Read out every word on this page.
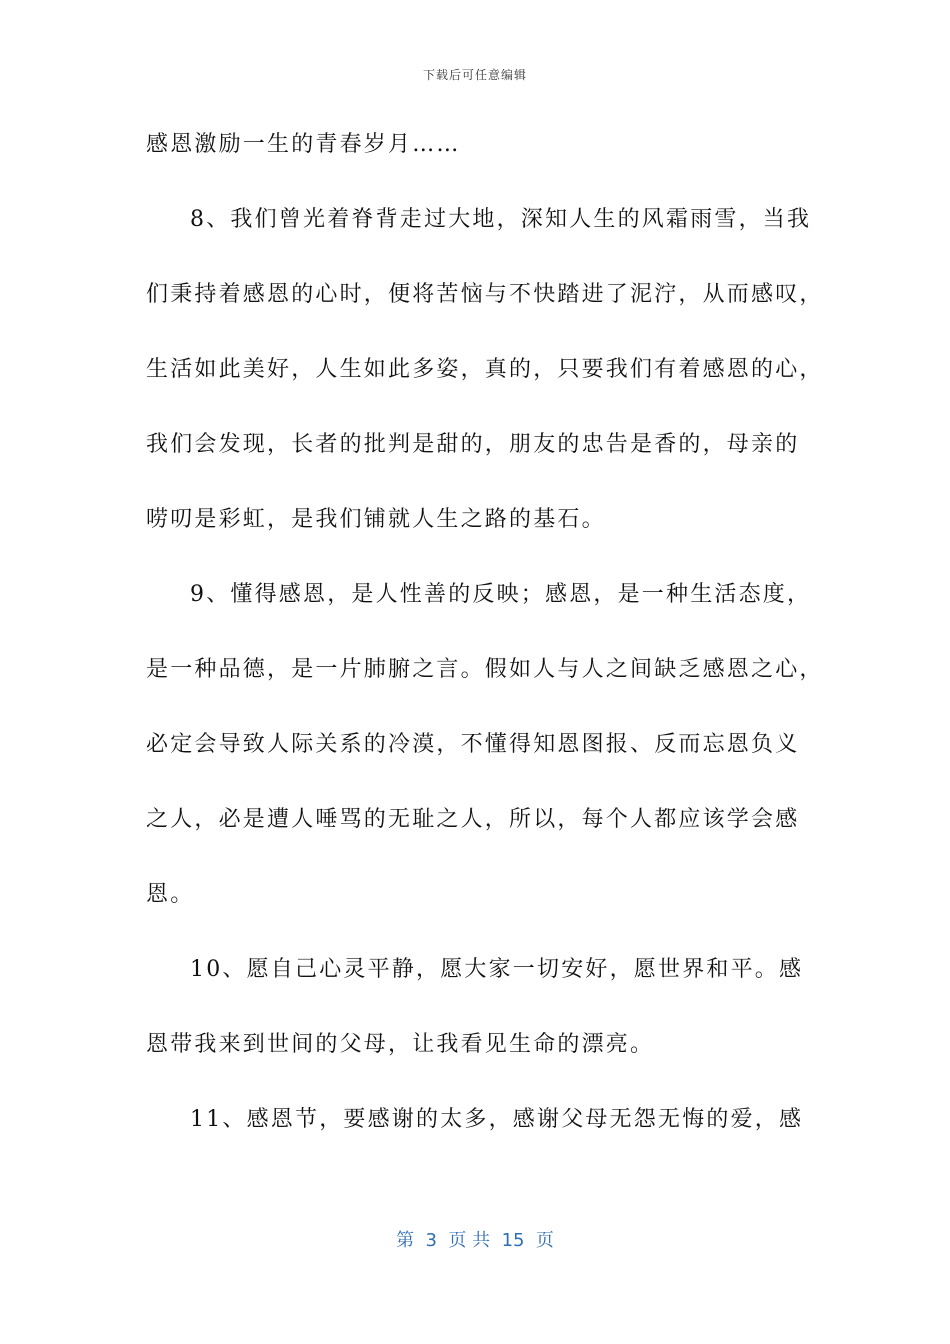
下载后可任意编辑
感恩激励一生的青春岁月……
8、我们曾光着脊背走过大地，深知人生的风霜雨雪，当我
们秉持着感恩的心时，便将苦恼与不快踏进了泥泞，从而感叹，
生活如此美好，人生如此多姿，真的，只要我们有着感恩的心，
我们会发现，长者的批判是甜的，朋友的忠告是香的，母亲的
唠叨是彩虹，是我们铺就人生之路的基石。
9、懂得感恩，是人性善的反映；感恩，是一种生活态度，
是一种品德，是一片肺腑之言。假如人与人之间缺乏感恩之心，
必定会导致人际关系的冷漠，不懂得知恩图报、反而忘恩负义
之人，必是遭人唾骂的无耻之人，所以，每个人都应该学会感
恩。
10、愿自己心灵平静，愿大家一切安好，愿世界和平。感
恩带我来到世间的父母，让我看见生命的漂亮。
11、感恩节，要感谢的太多，感谢父母无怨无悔的爱，感
第  3  页 共  15  页
